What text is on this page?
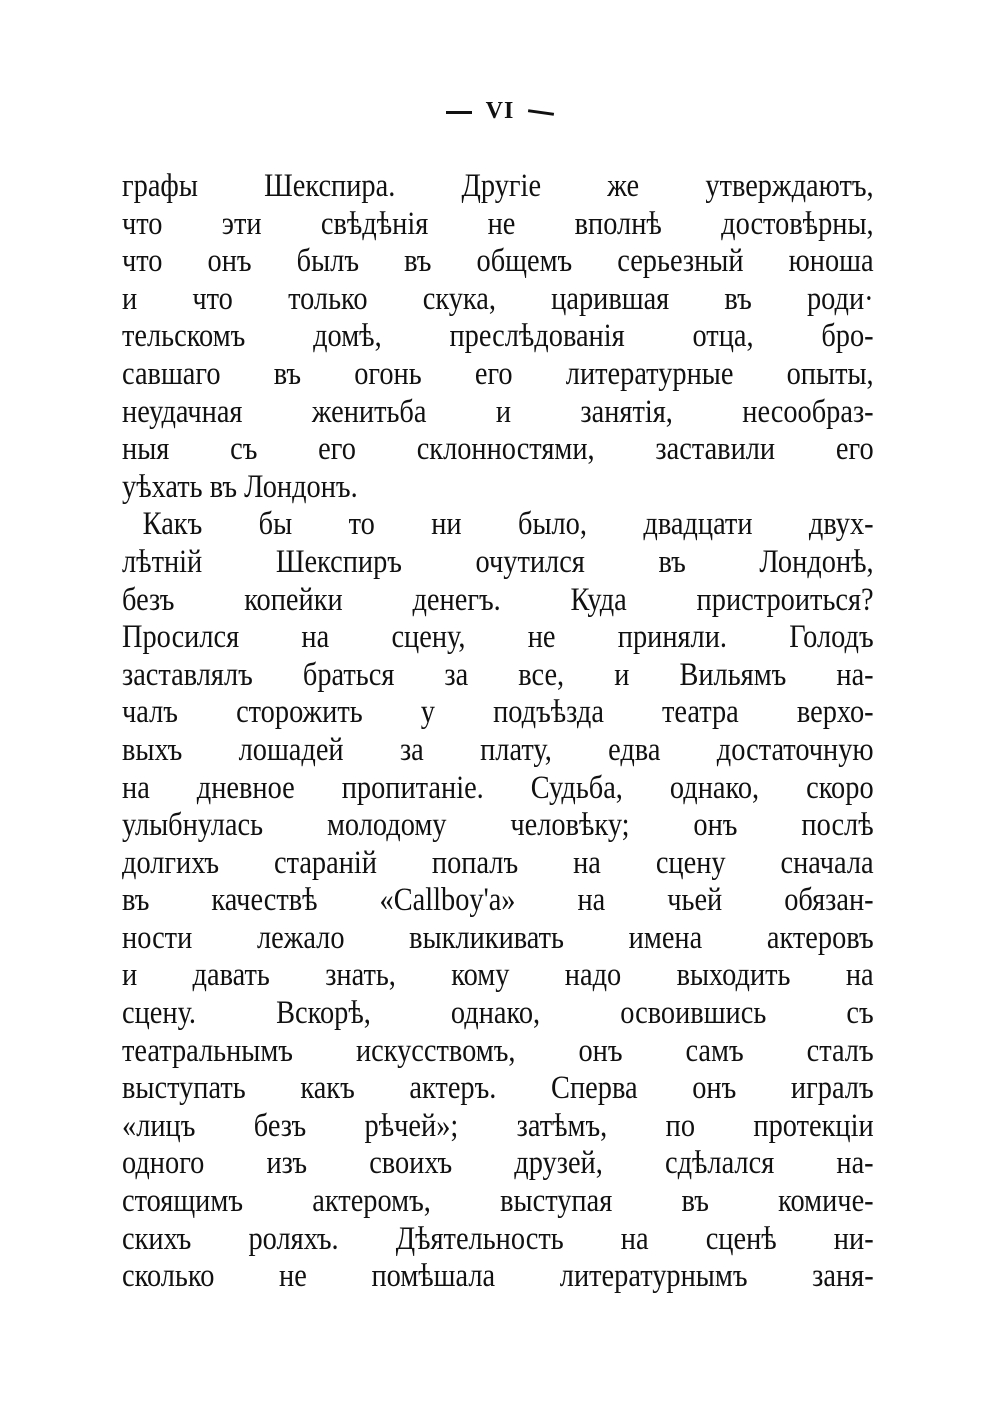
VI
графы Шекспира. Другіе же утверждаютъ,
что эти свѣдѣнія не вполнѣ достовѣрны,
что онъ былъ въ общемъ серьезный юноша
и что только скука, царившая въ роди·
тельскомъ домѣ, преслѣдованія отца, бро-
савшаго въ огонь его литературные опыты,
неудачная женитьба и занятія, несообраз-
ныя съ его склонностями, заставили его
уѣхать въ Лондонъ.
Какъ бы то ни было, двадцати двух-
лѣтній Шекспиръ очутился въ Лондонѣ,
безъ копейки денегъ. Куда пристроиться?
Просился на сцену, не приняли. Голодъ
заставлялъ браться за все, и Вильямъ на-
чалъ сторожить у подъѣзда театра верхо-
выхъ лошадей за плату, едва достаточную
на дневное пропитаніе. Судьба, однако, скоро
улыбнулась молодому человѣку; онъ послѣ
долгихъ стараній попалъ на сцену сначала
въ качествѣ «Callboy'a» на чьей обязан-
ности лежало выкликивать имена актеровъ
и давать знать, кому надо выходить на
сцену. Вскорѣ, однако, освоившись съ
театральнымъ искусствомъ, онъ самъ сталъ
выступать какъ актеръ. Сперва онъ игралъ
«лицъ безъ рѣчей»; затѣмъ, по протекціи
одного изъ своихъ друзей, сдѣлался на-
стоящимъ актеромъ, выступая въ комиче-
скихъ роляхъ. Дѣятельность на сценѣ ни-
сколько не помѣшала литературнымъ заня-
